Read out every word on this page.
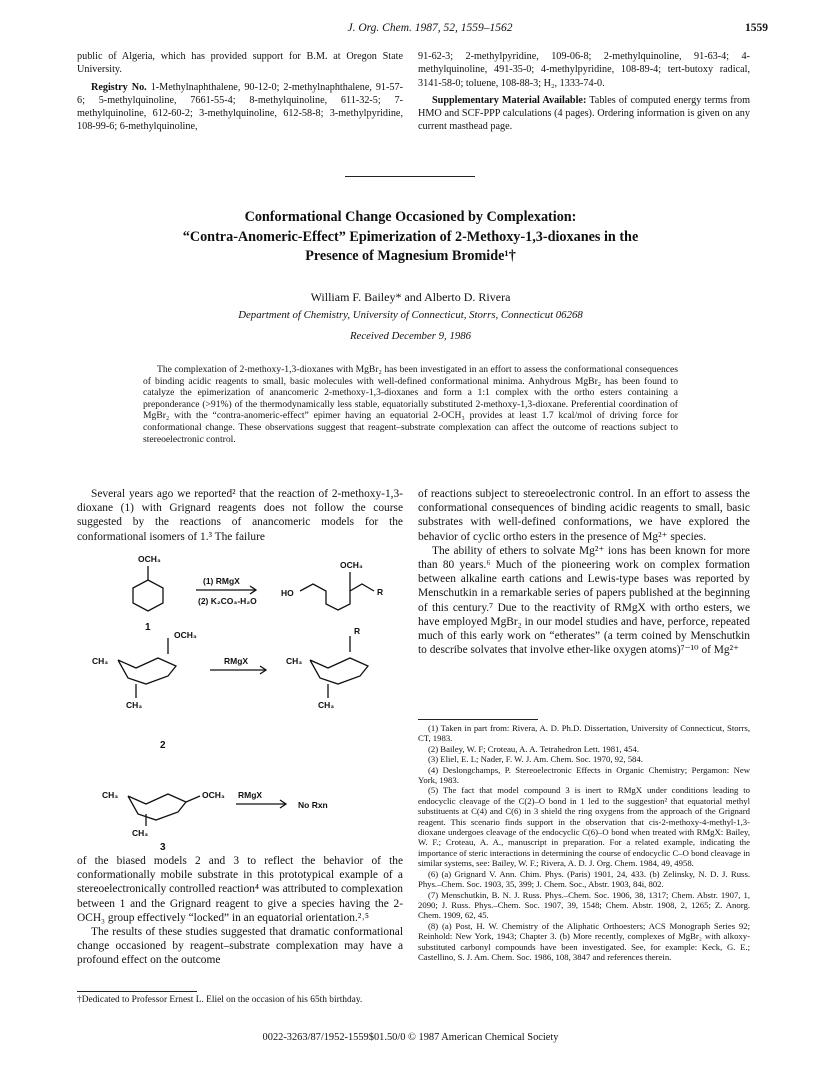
J. Org. Chem. 1987, 52, 1559–1562	1559

public of Algeria, which has provided support for B.M. at Oregon State University.

Registry No. 1-Methylnaphthalene, 90-12-0; 2-methylnaphthalene, 91-57-6; 5-methylquinoline, 7661-55-4; 8-methylquinoline, 611-32-5; 7-methylquinoline, 612-60-2; 3-methylquinoline, 612-58-8; 3-methylpyridine, 108-99-6; 6-methylquinoline,

91-62-3; 2-methylpyridine, 109-06-8; 2-methylquinoline, 91-63-4; 4-methylquinoline, 491-35-0; 4-methylpyridine, 108-89-4; tert-butoxy radical, 3141-58-0; toluene, 108-88-3; H₂, 1333-74-0.

Supplementary Material Available: Tables of computed energy terms from HMO and SCF-PPP calculations (4 pages). Ordering information is given on any current masthead page.

Conformational Change Occasioned by Complexation:
“Contra-Anomeric-Effect” Epimerization of 2-Methoxy-1,3-dioxanes in the
Presence of Magnesium Bromide¹†
William F. Bailey* and Alberto D. Rivera
Department of Chemistry, University of Connecticut, Storrs, Connecticut 06268
Received December 9, 1986
The complexation of 2-methoxy-1,3-dioxanes with MgBr₂ has been investigated in an effort to assess the conformational consequences of binding acidic reagents to small, basic molecules with well-defined conformational minima. Anhydrous MgBr₂ has been found to catalyze the epimerization of anancomeric 2-methoxy-1,3-dioxanes and form a 1:1 complex with the ortho esters containing a preponderance (>91%) of the thermodynamically less stable, equatorially substituted 2-methoxy-1,3-dioxane. Preferential coordination of MgBr₂ with the “contra-anomeric-effect” epimer having an equatorial 2-OCH₃ provides at least 1.7 kcal/mol of driving force for conformational change. These observations suggest that reagent–substrate complexation can affect the outcome of reactions subject to stereoelectronic control.

Several years ago we reported² that the reaction of 2-methoxy-1,3-dioxane (1) with Grignard reagents does not follow the course suggested by the reactions of anancomeric models for the conformational isomers of 1.³ The failure

OCH₃
(1) RMgX
(2) K₂CO₃-H₂O
HO
OCH₃
R
1
OCH₃
RMgX
CH₃
CH₃
CH₃
CH₃
R
2
CH₃	OCH₃
CH₃
RMgX
No Rxn
3

of the biased models 2 and 3 to reflect the behavior of the conformationally mobile substrate in this prototypical example of a stereoelectronically controlled reaction⁴ was attributed to complexation between 1 and the Grignard reagent to give a species having the 2-OCH₃ group effectively “locked” in an equatorial orientation.²˒⁵

The results of these studies suggested that dramatic conformational change occasioned by reagent–substrate complexation may have a profound effect on the outcome

†Dedicated to Professor Ernest L. Eliel on the occasion of his 65th birthday.

of reactions subject to stereoelectronic control. In an effort to assess the conformational consequences of binding acidic reagents to small, basic substrates with well-defined conformations, we have explored the behavior of cyclic ortho esters in the presence of Mg²⁺ species.

The ability of ethers to solvate Mg²⁺ ions has been known for more than 80 years.⁶ Much of the pioneering work on complex formation between alkaline earth cations and Lewis-type bases was reported by Menschutkin in a remarkable series of papers published at the beginning of this century.⁷ Due to the reactivity of RMgX with ortho esters, we have employed MgBr₂ in our model studies and have, perforce, repeated much of this early work on “etherates” (a term coined by Menschutkin to describe solvates that involve ether-like oxygen atoms)⁷⁻¹⁰ of Mg²⁺

(1) Taken in part from: Rivera, A. D. Ph.D. Dissertation, University of Connecticut, Storrs, CT, 1983.

(2) Bailey, W. F; Croteau, A. A. Tetrahedron Lett. 1981, 454.

(3) Eliel, E. L; Nader, F. W. J. Am. Chem. Soc. 1970, 92, 584.

(4) Deslongchamps, P. Stereoelectronic Effects in Organic Chemistry; Pergamon: New York, 1983.

(5) The fact that model compound 3 is inert to RMgX under conditions leading to endocyclic cleavage of the C(2)–O bond in 1 led to the suggestion² that equatorial methyl substituents at C(4) and C(6) in 3 shield the ring oxygens from the approach of the Grignard reagent. This scenario finds support in the observation that cis-2-methoxy-4-methyl-1,3-dioxane undergoes cleavage of the endocyclic C(6)–O bond when treated with RMgX: Bailey, W. F.; Croteau, A. A., manuscript in preparation. For a related example, indicating the importance of steric interactions in determining the course of endocyclic C–O bond cleavage in similar systems, see: Bailey, W. F.; Rivera, A. D. J. Org. Chem. 1984, 49, 4958.

(6) (a) Grignard V. Ann. Chim. Phys. (Paris) 1901, 24, 433. (b) Zelinsky, N. D. J. Russ. Phys.–Chem. Soc. 1903, 35, 399; J. Chem. Soc., Abstr. 1903, 84i, 802.

(7) Menschutkin, B. N. J. Russ. Phys.–Chem. Soc. 1906, 38, 1317; Chem. Abstr. 1907, 1, 2090; J. Russ. Phys.–Chem. Soc. 1907, 39, 1548; Chem. Abstr. 1908, 2, 1265; Z. Anorg. Chem. 1909, 62, 45.

(8) (a) Post, H. W. Chemistry of the Aliphatic Orthoesters; ACS Monograph Series 92; Reinhold: New York, 1943; Chapter 3. (b) More recently, complexes of MgBr₂ with alkoxy-substituted carbonyl compounds have been investigated. See, for example: Keck, G. E.; Castellino, S. J. Am. Chem. Soc. 1986, 108, 3847 and references therein.

0022-3263/87/1952-1559$01.50/0 © 1987 American Chemical Society
